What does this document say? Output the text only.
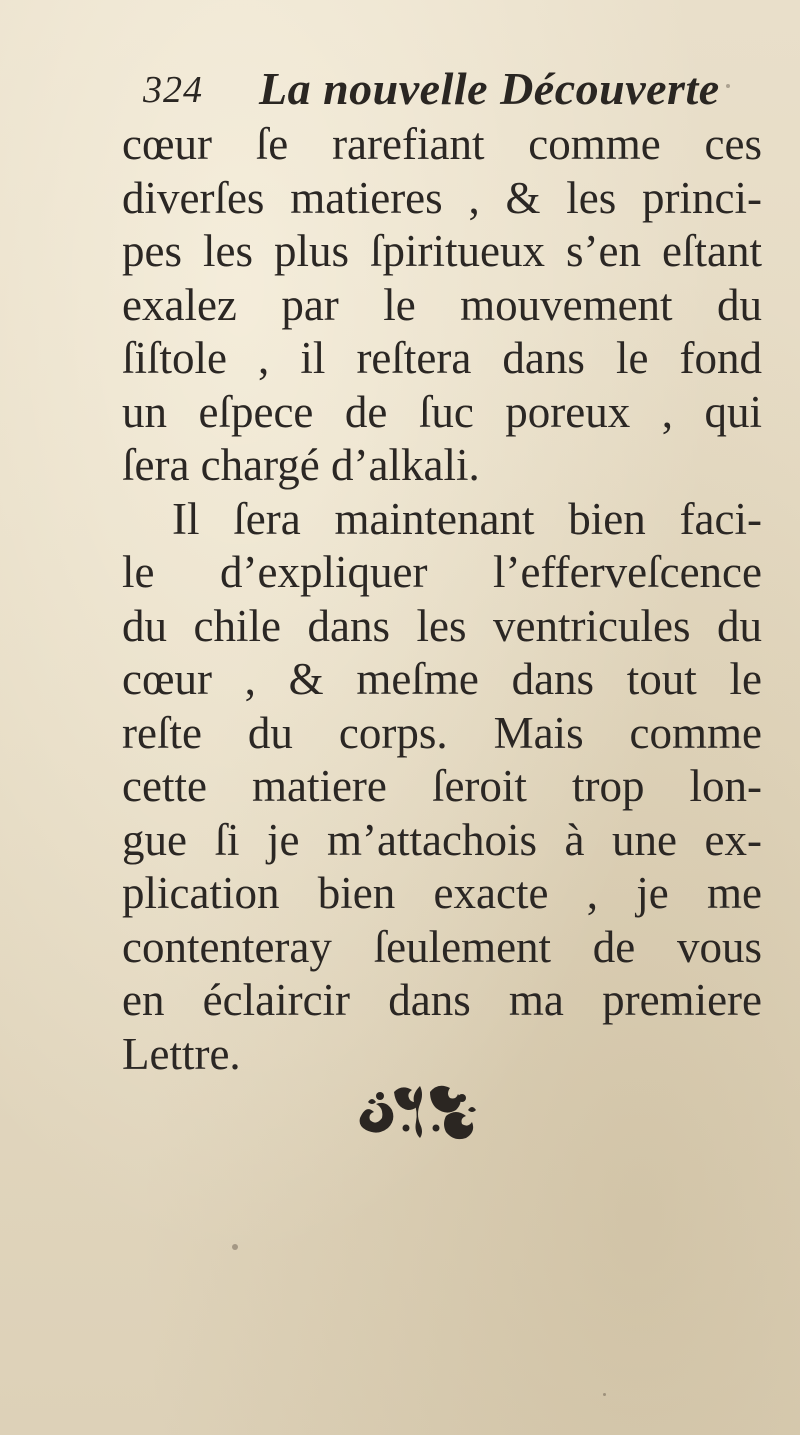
324 La nouvelle Découverte
cœur ſe rarefiant comme ces
diverſes matieres , & les princi-
pes les plus ſpiritueux s’en eſtant
exalez par le mouvement du
ſiſtole , il reſtera dans le fond
un eſpece de ſuc poreux , qui
ſera chargé d’alkali.
Il ſera maintenant bien faci-
le d’expliquer l’efferveſcence
du chile dans les ventricules du
cœur , & meſme dans tout le
reſte du corps. Mais comme
cette matiere ſeroit trop lon-
gue ſi je m’attachois à une ex-
plication bien exacte , je me
contenteray ſeulement de vous
en éclaircir dans ma premiere
Lettre.
